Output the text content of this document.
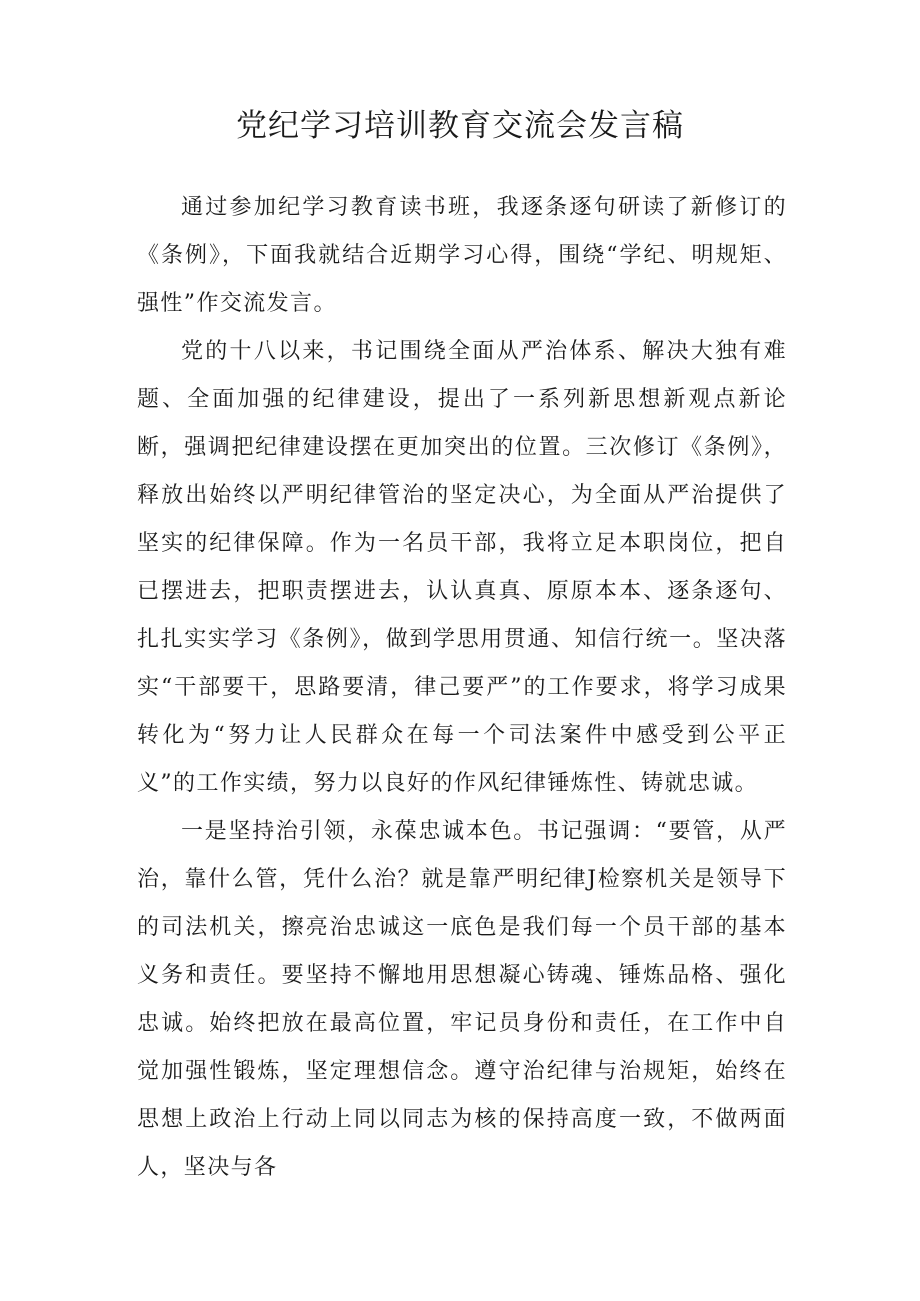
党纪学习培训教育交流会发言稿

通过参加纪学习教育读书班，我逐条逐句研读了新修订的《条例》，下面我就结合近期学习心得，围绕“学纪、明规矩、强性”作交流发言。

党的十八以来，书记围绕全面从严治体系、解决大独有难题、全面加强的纪律建设，提出了一系列新思想新观点新论断，强调把纪律建设摆在更加突出的位置。三次修订《条例》，释放出始终以严明纪律管治的坚定决心，为全面从严治提供了坚实的纪律保障。作为一名员干部，我将立足本职岗位，把自已摆进去，把职责摆进去，认认真真、原原本本、逐条逐句、扎扎实实学习《条例》，做到学思用贯通、知信行统一。坚决落实“干部要干，思路要清，律己要严”的工作要求，将学习成果转化为“努力让人民群众在每一个司法案件中感受到公平正义”的工作实绩，努力以良好的作风纪律锤炼性、铸就忠诚。

一是坚持治引领，永葆忠诚本色。书记强调：“要管，从严治，靠什么管，凭什么治？就是靠严明纪律J检察机关是领导下的司法机关，擦亮治忠诚这一底色是我们每一个员干部的基本义务和责任。要坚持不懈地用思想凝心铸魂、锤炼品格、强化忠诚。始终把放在最高位置，牢记员身份和责任，在工作中自觉加强性锻炼，坚定理想信念。遵守治纪律与治规矩，始终在思想上政治上行动上同以同志为核的保持高度一致，不做两面人，坚决与各
